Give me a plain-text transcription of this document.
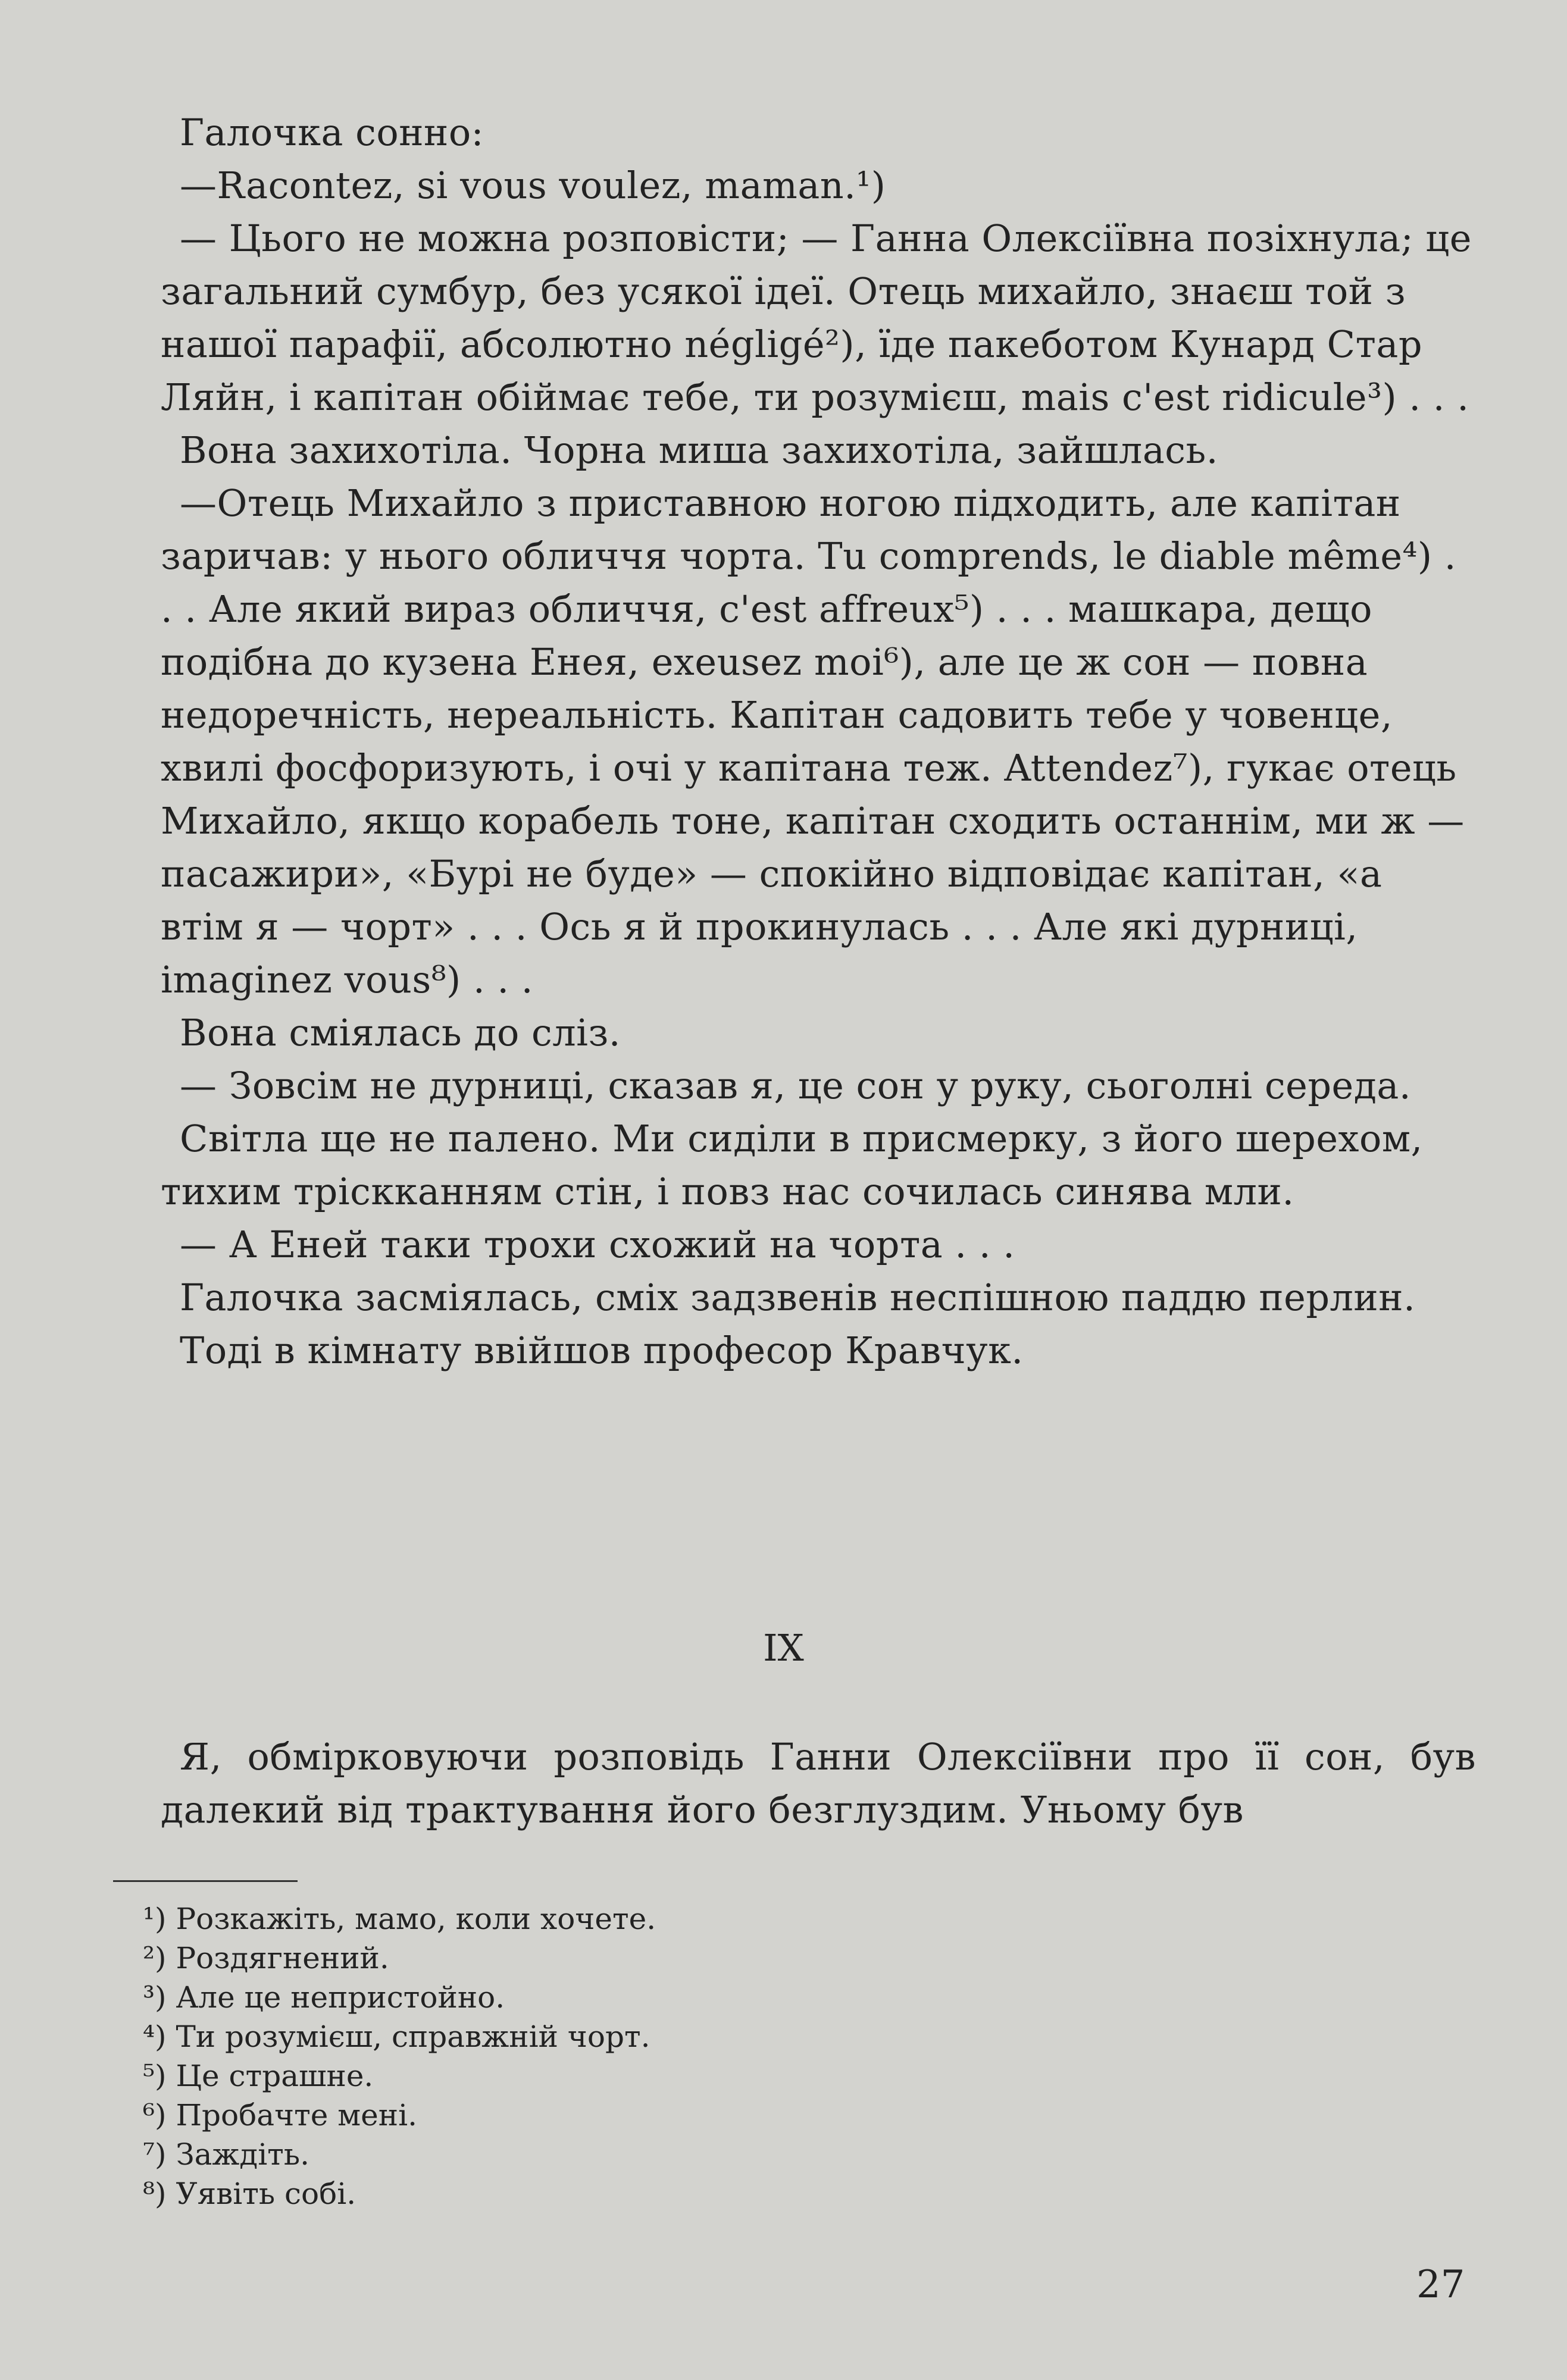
Галочка сонно:

—Racontez, si vous voulez, maman.¹)

— Цього не можна розповісти; — Ганна Олексіївна позіхнула; це загальний сумбур, без усякої ідеї. Отець михайло, знаєш той з нашої парафії, абсолютно négligé²), їде пакеботом Кунард Стар Ляйн, і капітан обіймає тебе, ти розумієш, mais c'est ridicule³) . . .

Вона захихотіла. Чорна миша захихотіла, зайшлась.

—Отець Михайло з приставною ногою підходить, але капітан заричав: у нього обличчя чорта. Tu comprends, le diable même⁴) . . . Але який вираз обличчя, c'est affreux⁵) . . . машкара, дещо подібна до кузена Енея, exeusez moi⁶), але це ж сон — повна недоречність, нереальність. Капітан садовить тебе у човенце, хвилі фосфоризують, і очі у капітана теж. Attendez⁷), гукає отець Михайло, якщо корабель тоне, капітан сходить останнім, ми ж — пасажири», «Бурі не буде» — спокійно відповідає капітан, «а втім я — чорт» . . . Ось я й прокинулась . . . Але які дурниці, imaginez vous⁸) . . .

Вона сміялась до сліз.

— Зовсім не дурниці, сказав я, це сон у руку, сьоголні середа.

Світла ще не палено. Ми сиділи в присмерку, з його шерехом, тихим тріскканням стін, і повз нас сочилась синява мли.

— А Еней таки трохи схожий на чорта . . .

Галочка засміялась, сміх задзвенів неспішною паддю перлин.

Тоді в кімнату ввійшов професор Кравчук.

IX

Я, обмірковуючи розповідь Ганни Олексіївни про її сон, був далекий від трактування його безглуздим. Уньому був

¹) Розкажіть, мамо, коли хочете.

²) Роздягнений.

³) Але це непристойно.

⁴) Ти розумієш, справжній чорт.

⁵) Це страшне.

⁶) Пробачте мені.

⁷) Заждіть.

⁸) Уявіть собі.

27
